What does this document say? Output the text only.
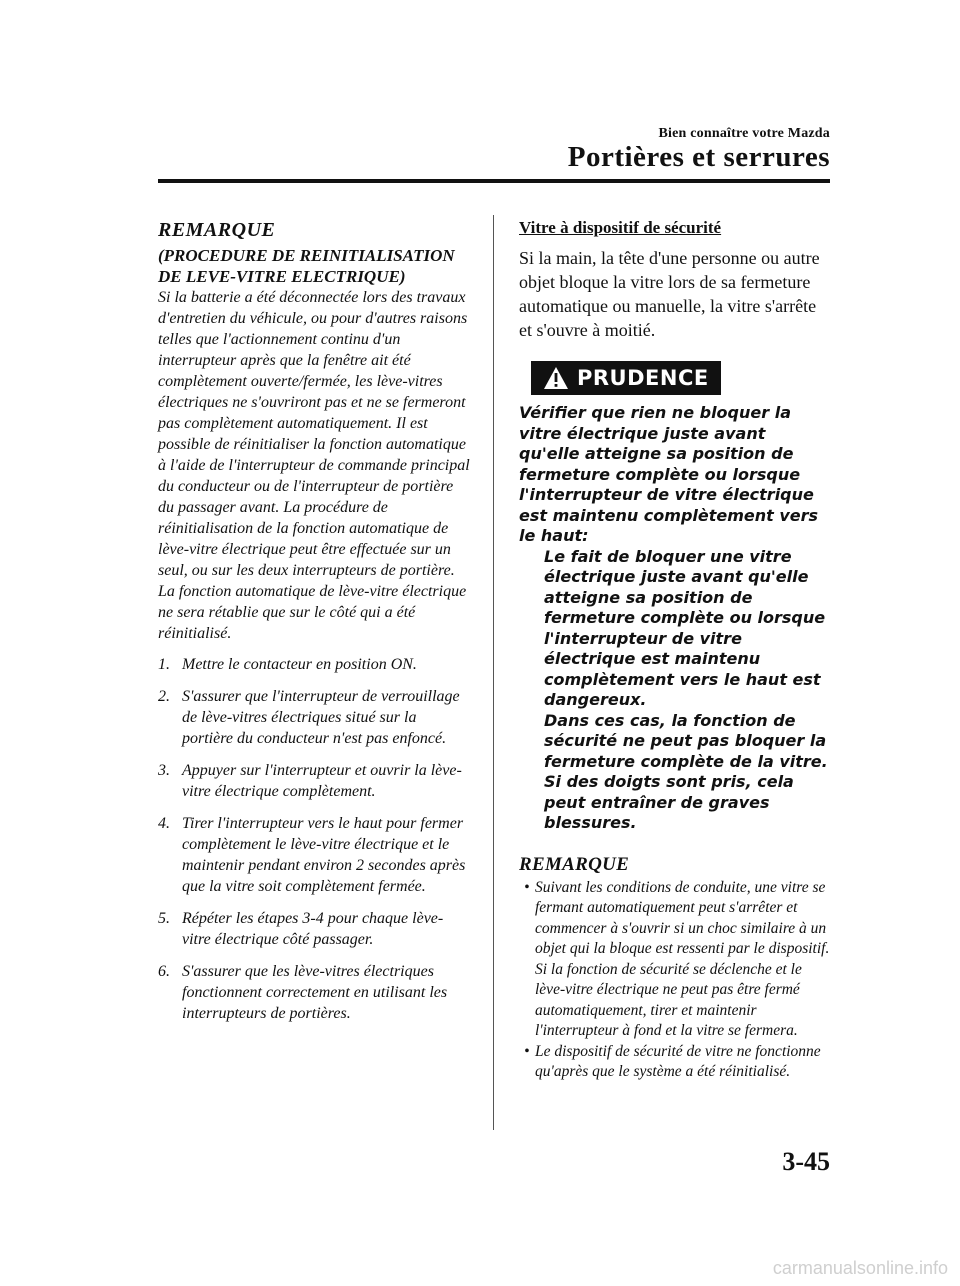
Bien connaître votre Mazda
Portières et serrures
REMARQUE
(PROCEDURE DE REINITIALISATION
DE LEVE-VITRE ELECTRIQUE)

Si la batterie a été déconnectée lors des travaux d'entretien du véhicule, ou pour d'autres raisons telles que l'actionnement continu d'un interrupteur après que la fenêtre ait été complètement ouverte/fermée, les lève-vitres électriques ne s'ouvriront pas et ne se fermeront pas complètement automatiquement. Il est possible de réinitialiser la fonction automatique à l'aide de l'interrupteur de commande principal du conducteur ou de l'interrupteur de portière du passager avant. La procédure de réinitialisation de la fonction automatique de lève-vitre électrique peut être effectuée sur un seul, ou sur les deux interrupteurs de portière. La fonction automatique de lève-vitre électrique ne sera rétablie que sur le côté qui a été réinitialisé.

1. Mettre le contacteur en position ON.
2. S'assurer que l'interrupteur de verrouillage de lève-vitres électriques situé sur la portière du conducteur n'est pas enfoncé.
3. Appuyer sur l'interrupteur et ouvrir la lève-vitre électrique complètement.
4. Tirer l'interrupteur vers le haut pour fermer complètement le lève-vitre électrique et le maintenir pendant environ 2 secondes après que la vitre soit complètement fermée.
5. Répéter les étapes 3-4 pour chaque lève-vitre électrique côté passager.
6. S'assurer que les lève-vitres électriques fonctionnent correctement en utilisant les interrupteurs de portières.
Vitre à dispositif de sécurité

Si la main, la tête d'une personne ou autre objet bloque la vitre lors de sa fermeture automatique ou manuelle, la vitre s'arrête et s'ouvre à moitié.

PRUDENCE
Vérifier que rien ne bloquer la vitre électrique juste avant qu'elle atteigne sa position de fermeture complète ou lorsque l'interrupteur de vitre électrique est maintenu complètement vers le haut:
Le fait de bloquer une vitre électrique juste avant qu'elle atteigne sa position de fermeture complète ou lorsque l'interrupteur de vitre électrique est maintenu complètement vers le haut est dangereux.
Dans ces cas, la fonction de sécurité ne peut pas bloquer la fermeture complète de la vitre. Si des doigts sont pris, cela peut entraîner de graves blessures.
REMARQUE
• Suivant les conditions de conduite, une vitre se fermant automatiquement peut s'arrêter et commencer à s'ouvrir si un choc similaire à un objet qui la bloque est ressenti par le dispositif.
Si la fonction de sécurité se déclenche et le lève-vitre électrique ne peut pas être fermé automatiquement, tirer et maintenir l'interrupteur à fond et la vitre se fermera.
• Le dispositif de sécurité de vitre ne fonctionne qu'après que le système a été réinitialisé.
3-45
carmanualsonline.info
